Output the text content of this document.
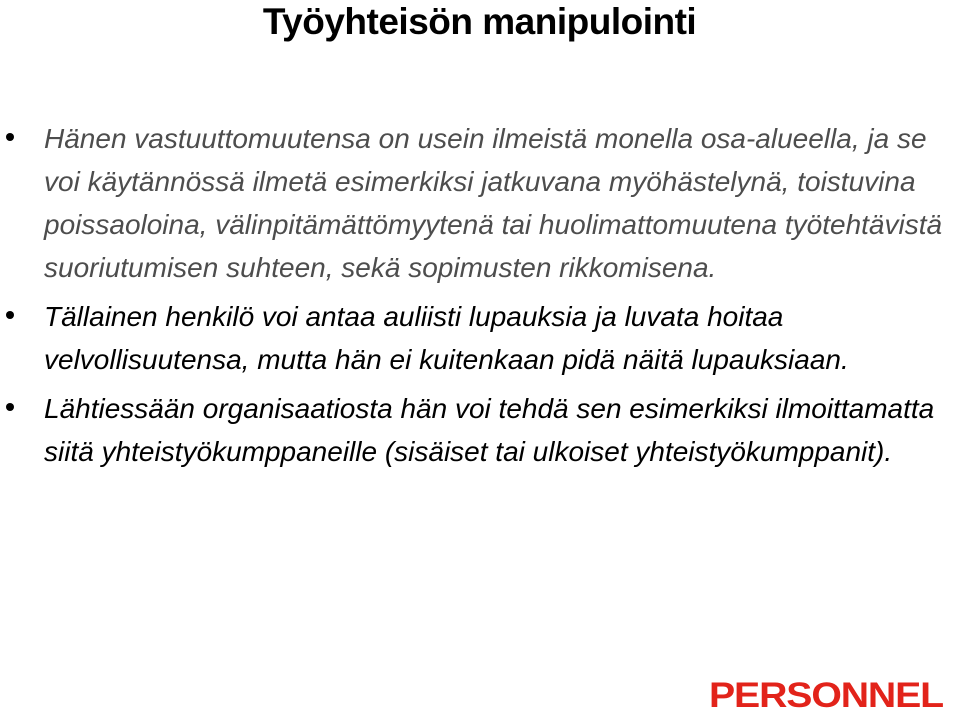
Työyhteisön manipulointi
Hänen vastuuttomuutensa on usein ilmeistä monella osa-alueella, ja se voi käytännössä ilmetä esimerkiksi jatkuvana myöhästelynä, toistuvina poissaoloina, välinpitämättömyytenä tai huolimattomuutena työtehtävistä suoriutumisen suhteen, sekä sopimusten rikkomisena.
Tällainen henkilö voi antaa auliisti lupauksia ja luvata hoitaa velvollisuutensa, mutta hän ei kuitenkaan pidä näitä lupauksiaan.
Lähtiessään organisaatiosta hän voi tehdä sen esimerkiksi ilmoittamatta siitä yhteistyökumppaneille (sisäiset tai ulkoiset yhteistyökumppanit).
PERSONNEL
